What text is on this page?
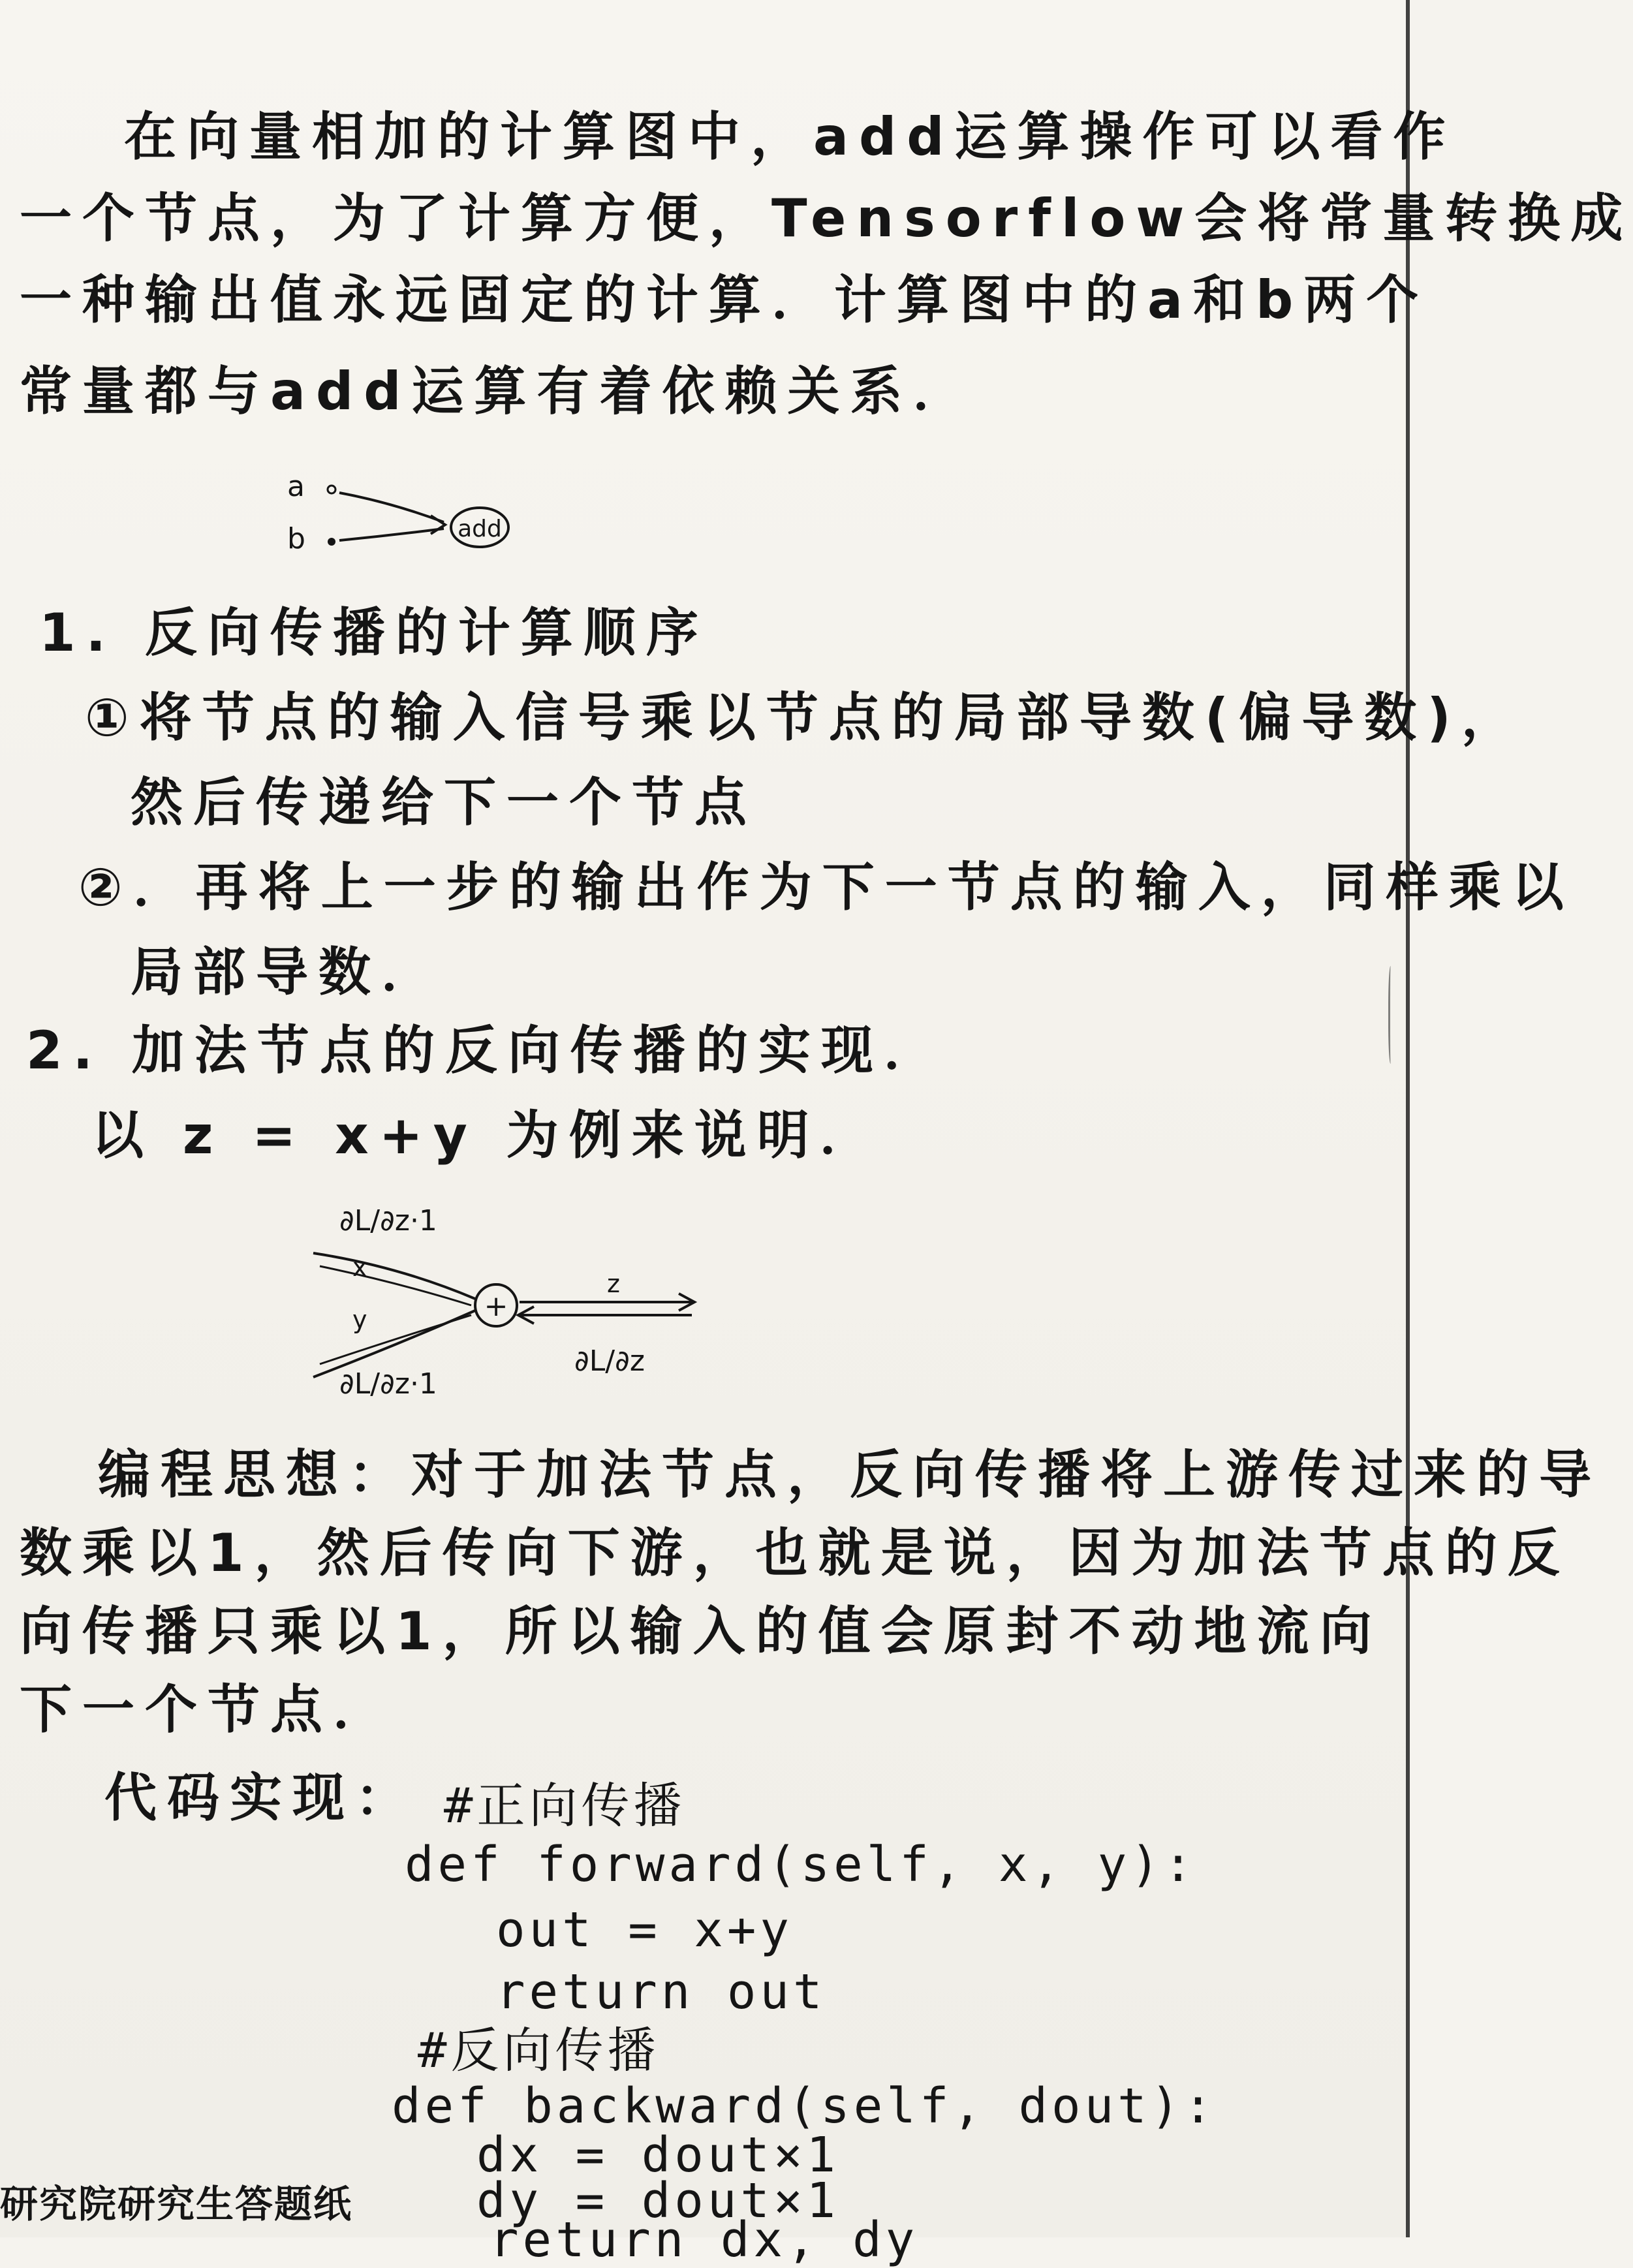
在向量相加的计算图中，add运算操作可以看作
一个节点，为了计算方便，Tensorflow会将常量转换成
一种输出值永远固定的计算．计算图中的a和b两个
常量都与add运算有着依赖关系．
a
b	add
1. 反向传播的计算顺序
①将节点的输入信号乘以节点的局部导数(偏导数)，
然后传递给下一个节点
②．再将上一步的输出作为下一节点的输入，同样乘以
局部导数．
2. 加法节点的反向传播的实现．
以 z = x+y 为例来说明．
∂L/∂z·1
x
y
∂L/∂z·1
+
z
∂L/∂z
编程思想：对于加法节点，反向传播将上游传过来的导
数乘以1，然后传向下游，也就是说，因为加法节点的反
向传播只乘以1，所以输入的值会原封不动地流向
下一个节点．
代码实现： #正向传播
def forward(self, x, y):
out = x+y
return out
#反向传播
def backward(self, dout):
dx = dout×1
dy = dout×1
return dx, dy
研究院研究生答题纸
